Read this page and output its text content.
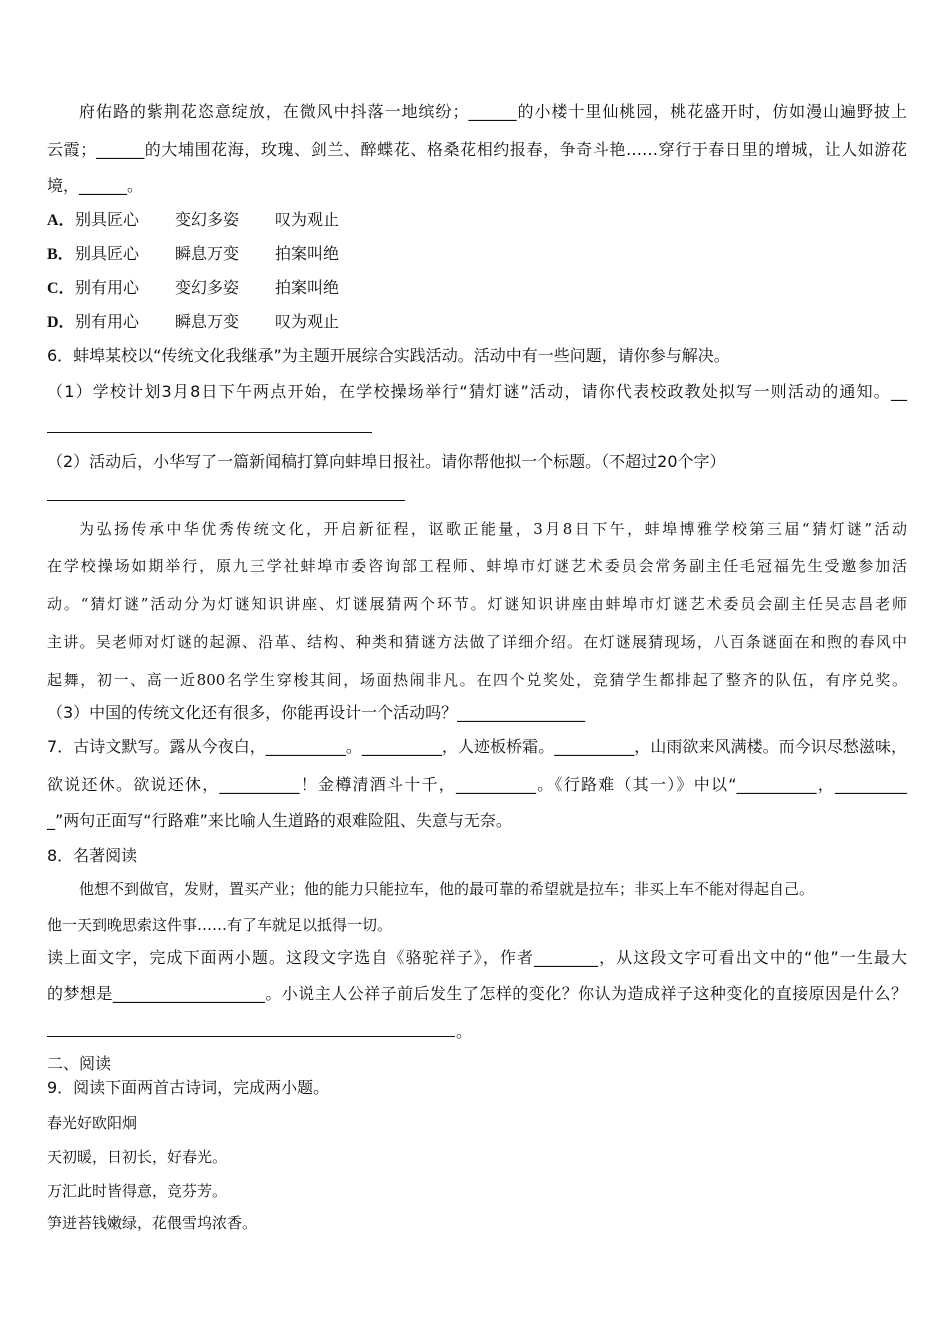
府佑路的紫荆花恣意绽放，在微风中抖落一地缤纷；______的小楼十里仙桃园，桃花盛开时，仿如漫山遍野披上
云霞；______的大埔围花海，玫瑰、剑兰、醉蝶花、格桑花相约报春，争奇斗艳……穿行于春日里的增城，让人如游花
境，______。
A．别具匠心 变幻多姿 叹为观止
B．别具匠心 瞬息万变 拍案叫绝
C．别有用心 变幻多姿 拍案叫绝
D．别有用心 瞬息万变 叹为观止
6．蚌埠某校以“传统文化我继承”为主题开展综合实践活动。活动中有一些问题，请你参与解决。
（1）学校计划3月8日下午两点开始，在学校操场举行“猜灯谜”活动，请你代表校政教处拟写一则活动的通知。__
（2）活动后，小华写了一篇新闻稿打算向蚌埠日报社。请你帮他拟一个标题。（不超过20个字）
为弘扬传承中华优秀传统文化，开启新征程，讴歌正能量，3月8日下午，蚌埠博雅学校第三届“猜灯谜”活动
在学校操场如期举行，原九三学社蚌埠市委咨询部工程师、蚌埠市灯谜艺术委员会常务副主任毛冠福先生受邀参加活
动。“猜灯谜”活动分为灯谜知识讲座、灯谜展猜两个环节。灯谜知识讲座由蚌埠市灯谜艺术委员会副主任吴志昌老师
主讲。吴老师对灯谜的起源、沿革、结构、种类和猜谜方法做了详细介绍。在灯谜展猜现场，八百条谜面在和煦的春风中
起舞，初一、高一近800名学生穿梭其间，场面热闹非凡。在四个兑奖处，竞猜学生都排起了整齐的队伍，有序兑奖。
（3）中国的传统文化还有很多，你能再设计一个活动吗？________________
7．古诗文默写。露从今夜白，__________。__________，人迹板桥霜。__________，山雨欲来风满楼。而今识尽愁滋味，
欲说还休。欲说还休，__________！金樽清酒斗十千，__________。《行路难（其一）》中以“__________，_________
_”两句正面写“行路难”来比喻人生道路的艰难险阻、失意与无奈。
8．名著阅读
他想不到做官，发财，置买产业；他的能力只能拉车，他的最可靠的希望就是拉车；非买上车不能对得起自己。
他一天到晚思索这件事……有了车就足以抵得一切。
读上面文字，完成下面两小题。这段文字选自《骆驼祥子》，作者________，从这段文字可看出文中的“他”一生最大
的梦想是___________________。小说主人公祥子前后发生了怎样的变化？你认为造成祥子这种变化的直接原因是什么？
。
二、阅读
9．阅读下面两首古诗词，完成两小题。
春光好欧阳炯
天初暖，日初长，好春光。
万汇此时皆得意，竞芬芳。
笋迸苔钱嫩绿，花偎雪坞浓香。
